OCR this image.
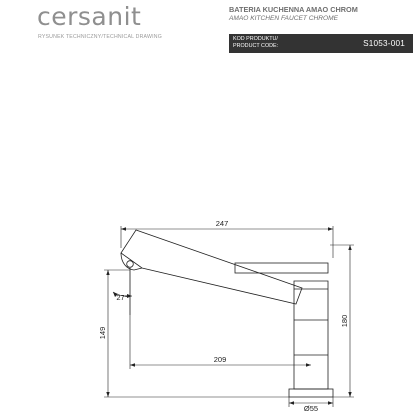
cersanit
RYSUNEK TECHNICZNY/TECHNICAL DRAWING
BATERIA KUCHENNA AMAO CHROM
AMAO KITCHEN FAUCET CHROME
KOD PRODUKTU/
PRODUCT CODE:	S1053-001
247
209
180
149
27°
Ø55
